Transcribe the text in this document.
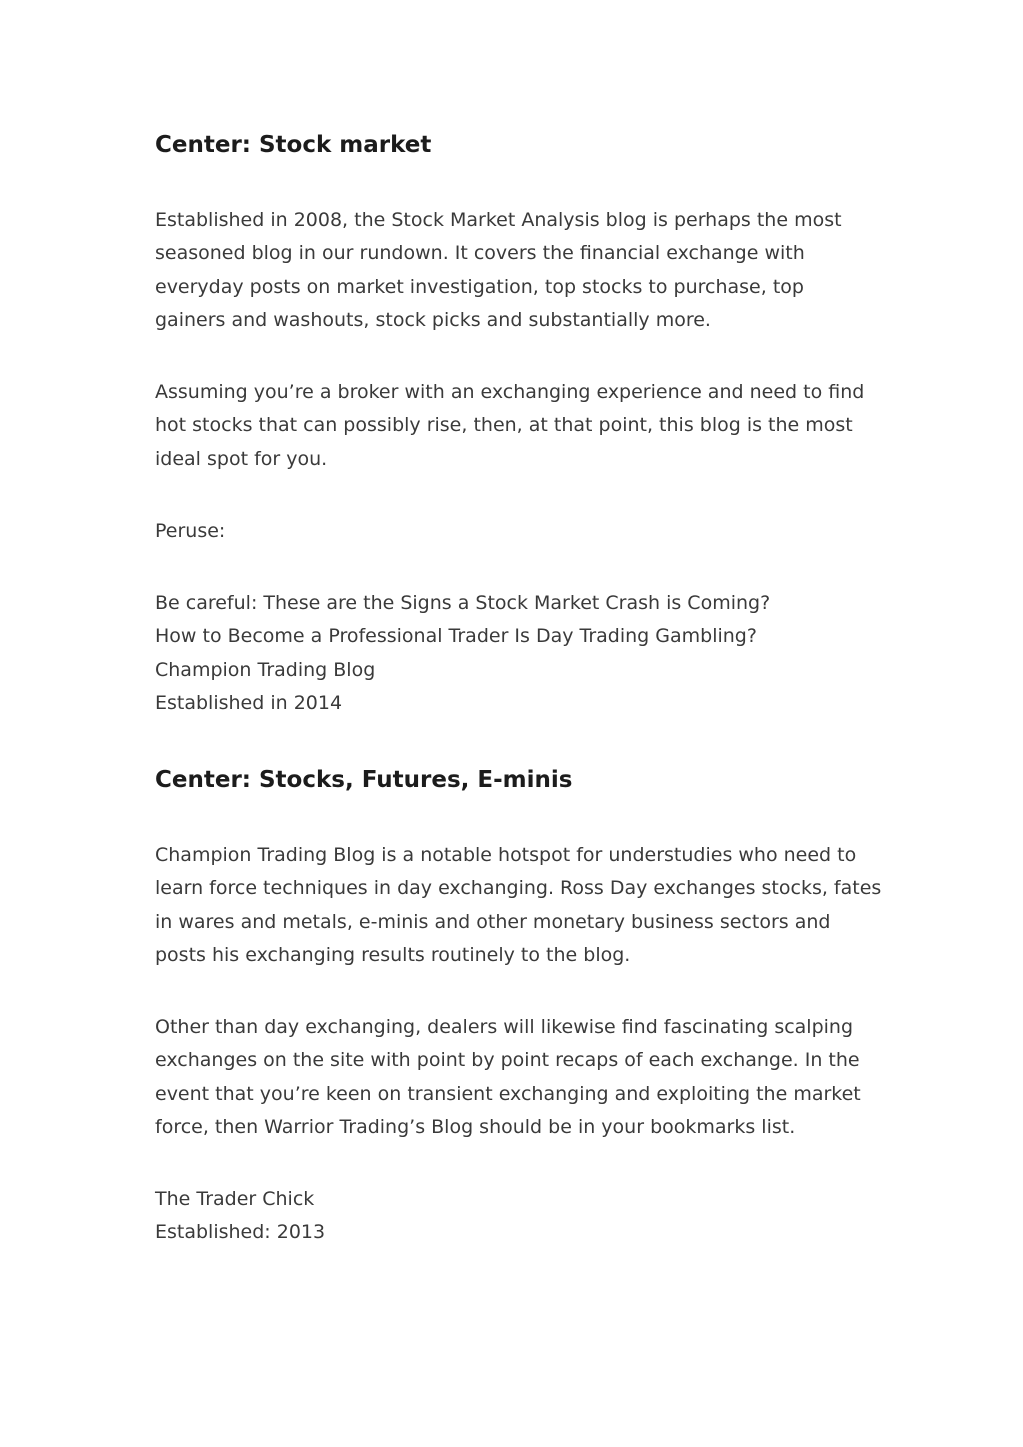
Center: Stock market
Established in 2008, the Stock Market Analysis blog is perhaps the most
seasoned blog in our rundown. It covers the financial exchange with
everyday posts on market investigation, top stocks to purchase, top
gainers and washouts, stock picks and substantially more.
Assuming you’re a broker with an exchanging experience and need to find
hot stocks that can possibly rise, then, at that point, this blog is the most
ideal spot for you.
Peruse:
Be careful: These are the Signs a Stock Market Crash is Coming?
How to Become a Professional Trader Is Day Trading Gambling?
Champion Trading Blog
Established in 2014
Center: Stocks, Futures, E-minis
Champion Trading Blog is a notable hotspot for understudies who need to
learn force techniques in day exchanging. Ross Day exchanges stocks, fates
in wares and metals, e-minis and other monetary business sectors and
posts his exchanging results routinely to the blog.
Other than day exchanging, dealers will likewise find fascinating scalping
exchanges on the site with point by point recaps of each exchange. In the
event that you’re keen on transient exchanging and exploiting the market
force, then Warrior Trading’s Blog should be in your bookmarks list.
The Trader Chick
Established: 2013
